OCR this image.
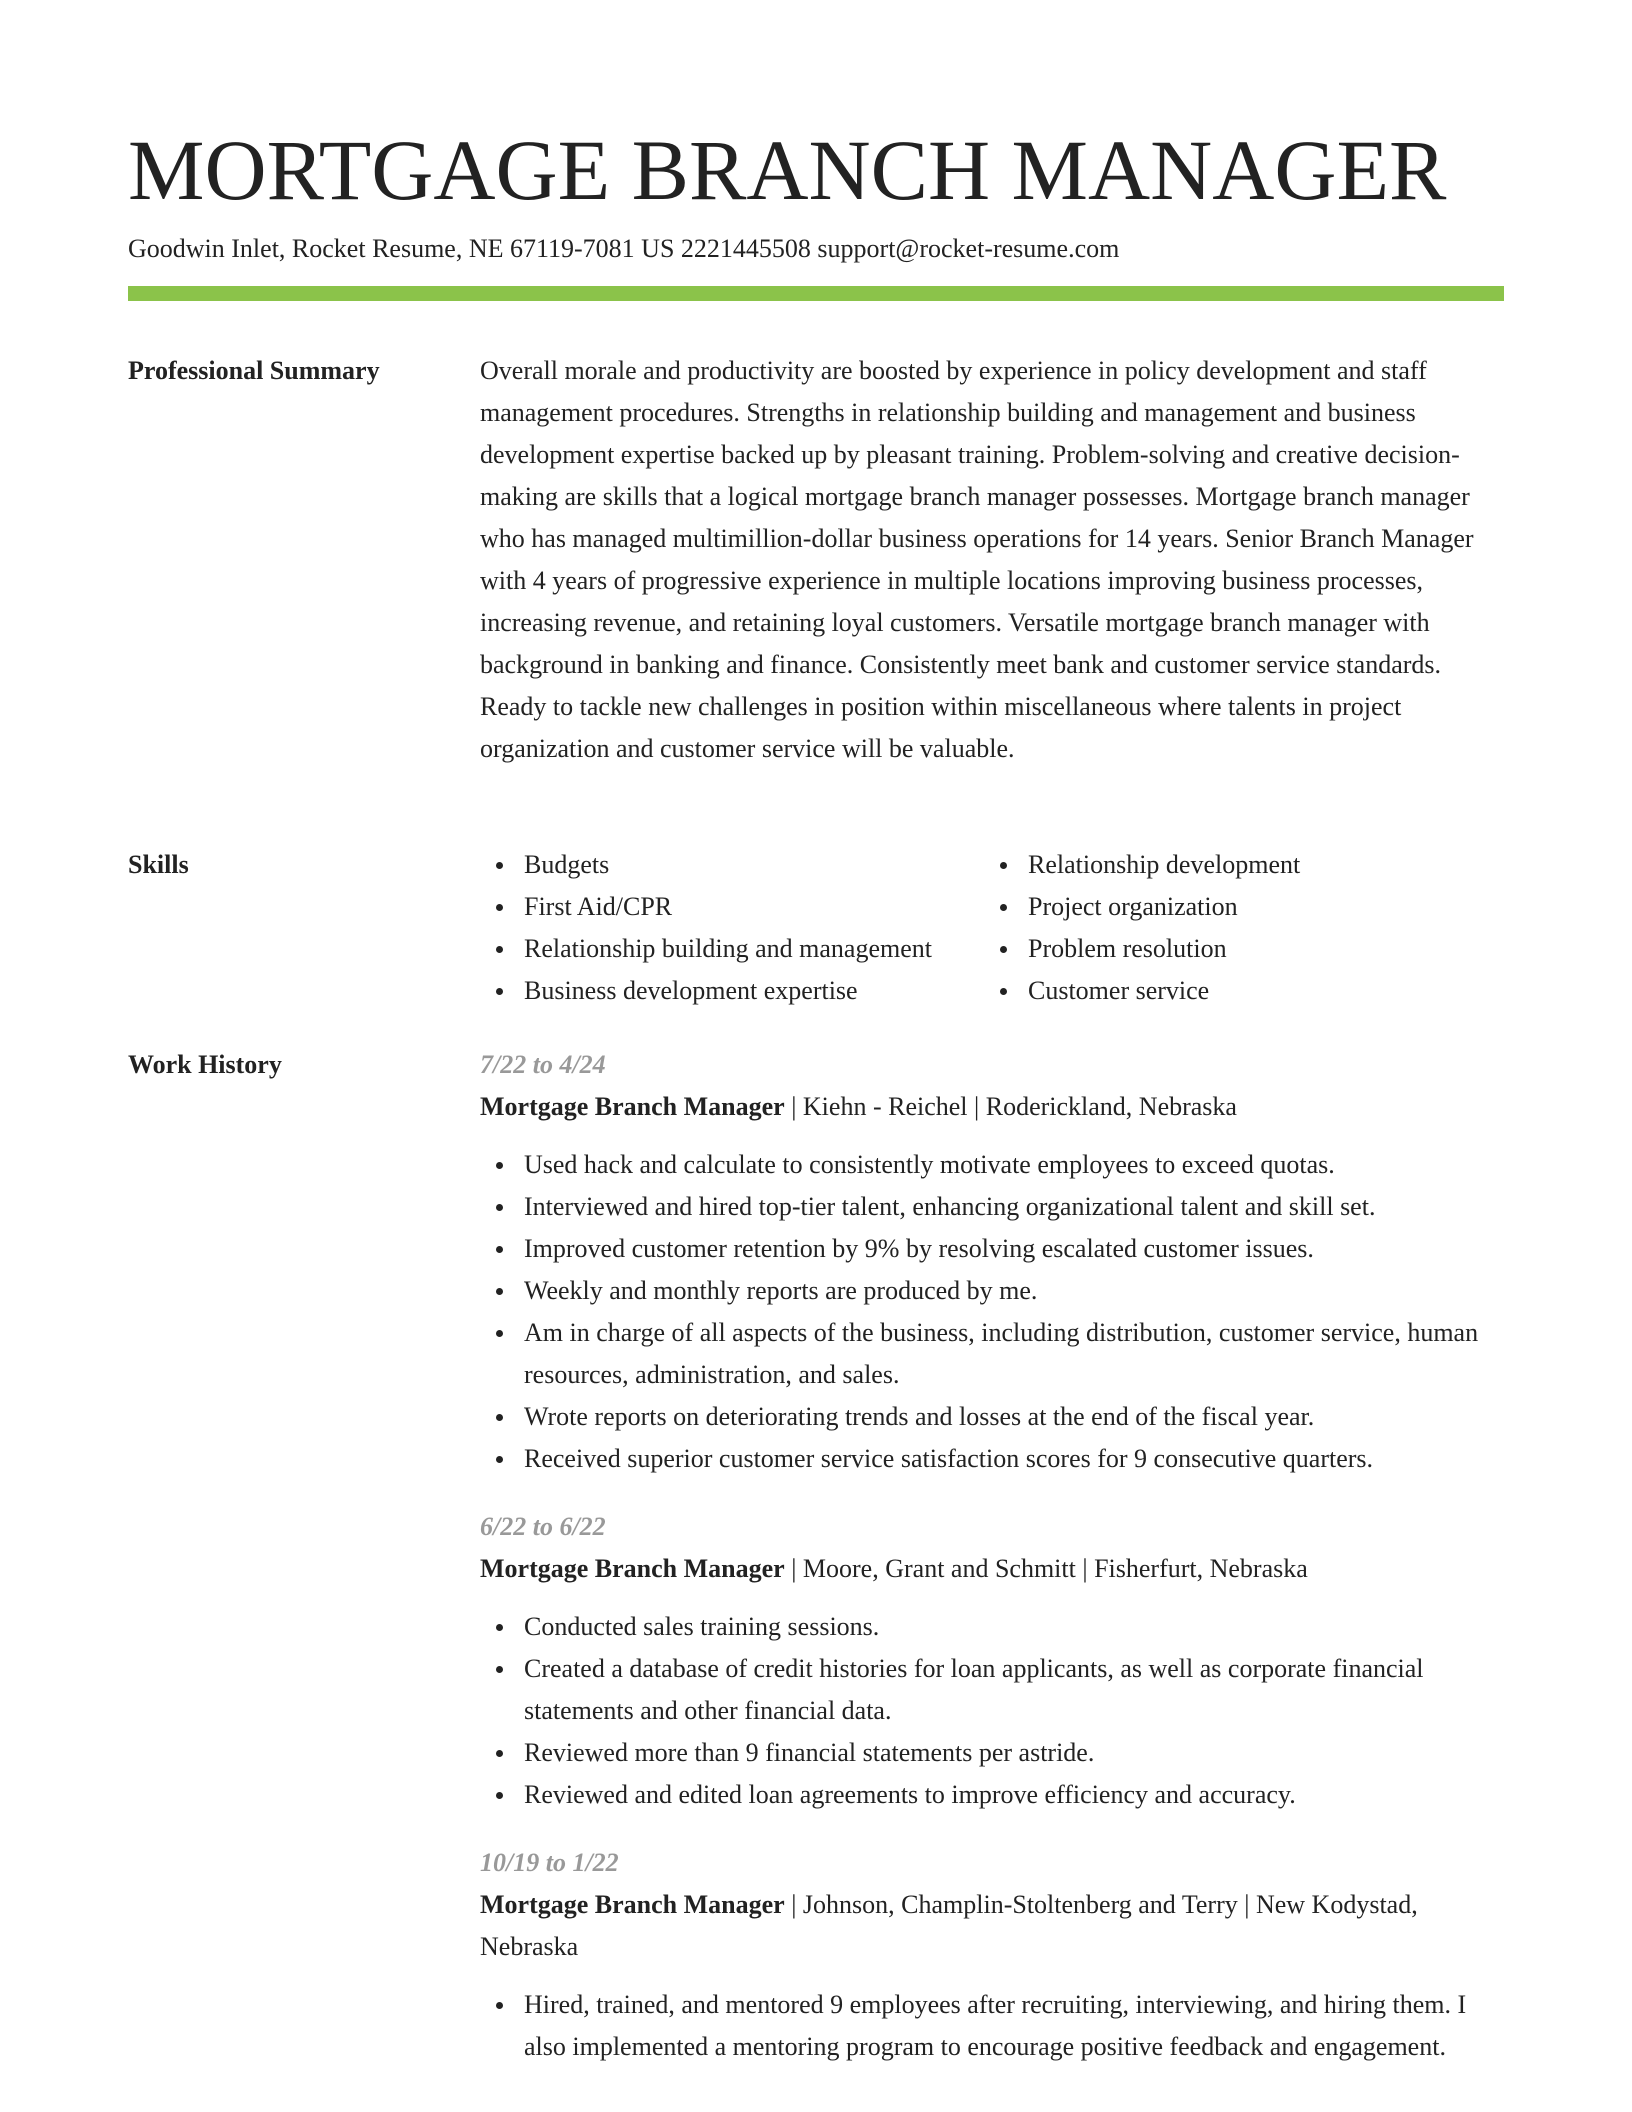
MORTGAGE BRANCH MANAGER
Goodwin Inlet, Rocket Resume, NE 67119-7081 US 2221445508 support@rocket-resume.com
Professional Summary	Overall morale and productivity are boosted by experience in policy development and staff management procedures. Strengths in relationship building and management and business development expertise backed up by pleasant training. Problem-solving and creative decision-making are skills that a logical mortgage branch manager possesses. Mortgage branch manager who has managed multimillion-dollar business operations for 14 years. Senior Branch Manager with 4 years of progressive experience in multiple locations improving business processes, increasing revenue, and retaining loyal customers. Versatile mortgage branch manager with background in banking and finance. Consistently meet bank and customer service standards. Ready to tackle new challenges in position within miscellaneous where talents in project organization and customer service will be valuable.
Skills	Budgets
First Aid/CPR
Relationship building and management
Business development expertise
Relationship development
Project organization
Problem resolution
Customer service
Work History	7/22 to 4/24
Mortgage Branch Manager | Kiehn - Reichel | Roderickland, Nebraska
Used hack and calculate to consistently motivate employees to exceed quotas.
Interviewed and hired top-tier talent, enhancing organizational talent and skill set.
Improved customer retention by 9% by resolving escalated customer issues.
Weekly and monthly reports are produced by me.
Am in charge of all aspects of the business, including distribution, customer service, human resources, administration, and sales.
Wrote reports on deteriorating trends and losses at the end of the fiscal year.
Received superior customer service satisfaction scores for 9 consecutive quarters.
6/22 to 6/22
Mortgage Branch Manager | Moore, Grant and Schmitt | Fisherfurt, Nebraska
Conducted sales training sessions.
Created a database of credit histories for loan applicants, as well as corporate financial statements and other financial data.
Reviewed more than 9 financial statements per astride.
Reviewed and edited loan agreements to improve efficiency and accuracy.
10/19 to 1/22
Mortgage Branch Manager | Johnson, Champlin-Stoltenberg and Terry | New Kodystad, Nebraska
Hired, trained, and mentored 9 employees after recruiting, interviewing, and hiring them. I also implemented a mentoring program to encourage positive feedback and engagement.
